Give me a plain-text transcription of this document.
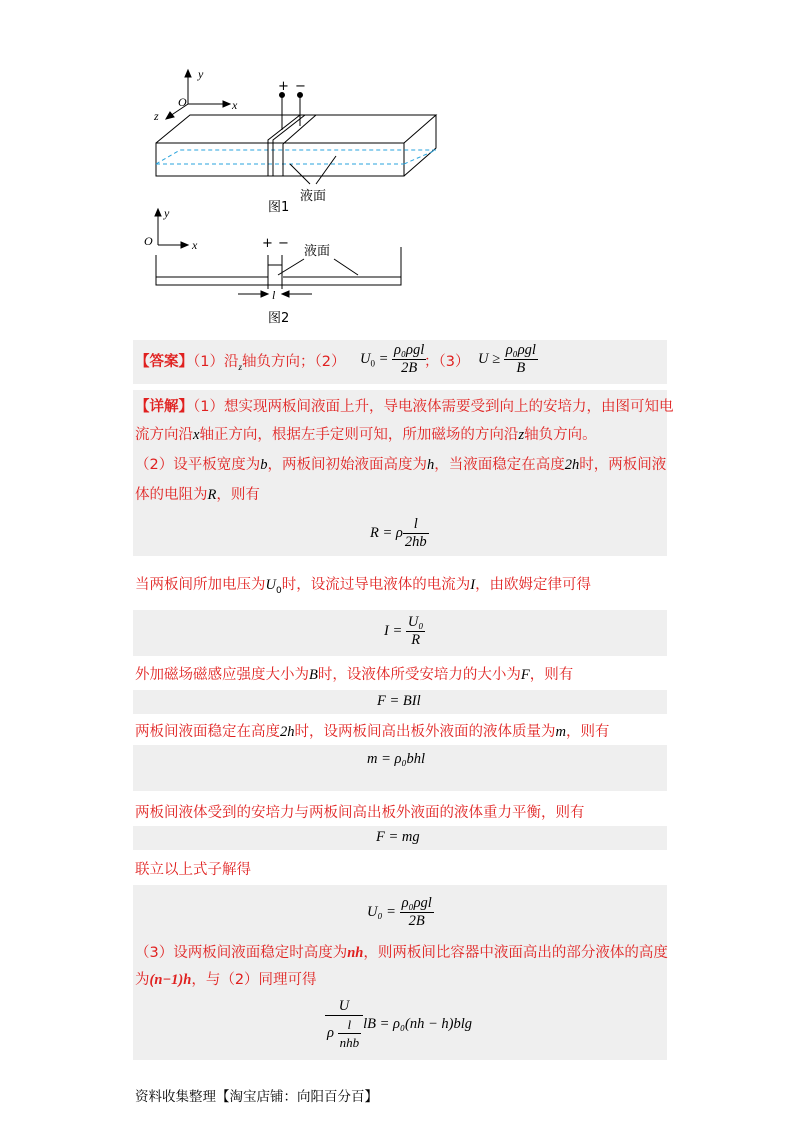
y
x
z
O
+ −
液面
图1
y
x
O	+ −
液面
l
图2
【答案】（1）沿$_z$轴负方向；（2） $U_0 = \frac{\text{ρ₀ρgl}}{2B}$
；（3） $U \ge \frac{\text{ρ₀ρgl}}{B}$
【详解】（1）想实现两板间液面上升，导电液体需要受到向上的安培力，由图可知电
流方向沿x轴正方向，根据左手定则可知，所加磁场的方向沿z轴负方向。
（2）设平板宽度为b，两板间初始液面高度为h，当液面稳定在高度2h时，两板间液
体的电阻为R，则有
R = ρ $\frac{l}{2hb}$
当两板间所加电压为$U_0$时，设流过导电液体的电流为I，由欧姆定律可得
$I = \frac{\text{U₀}}{R}$
外加磁场磁感应强度大小为B时，设液体所受安培力的大小为F，则有
F = BIl
两板间液面稳定在高度2h时，设两板间高出板外液面的液体质量为m，则有
m = ρ₀bhl
两板间液体受到的安培力与两板间高出板外液面的液体重力平衡，则有
F = mg
联立以上式子解得
$U_0 = \frac{\text{ρ₀ρgl}}{2B}$
（3）设两板间液面稳定时高度为nh，则两板间比容器中液面高出的部分液体的高度
为(n−1)h，与（2）同理可得
$\frac{U}{\rho \frac{l}{\text{nhb}}}$ lB = ρ₀(nh − h)blg
资料收集整理【淘宝店铺：向阳百分百】
